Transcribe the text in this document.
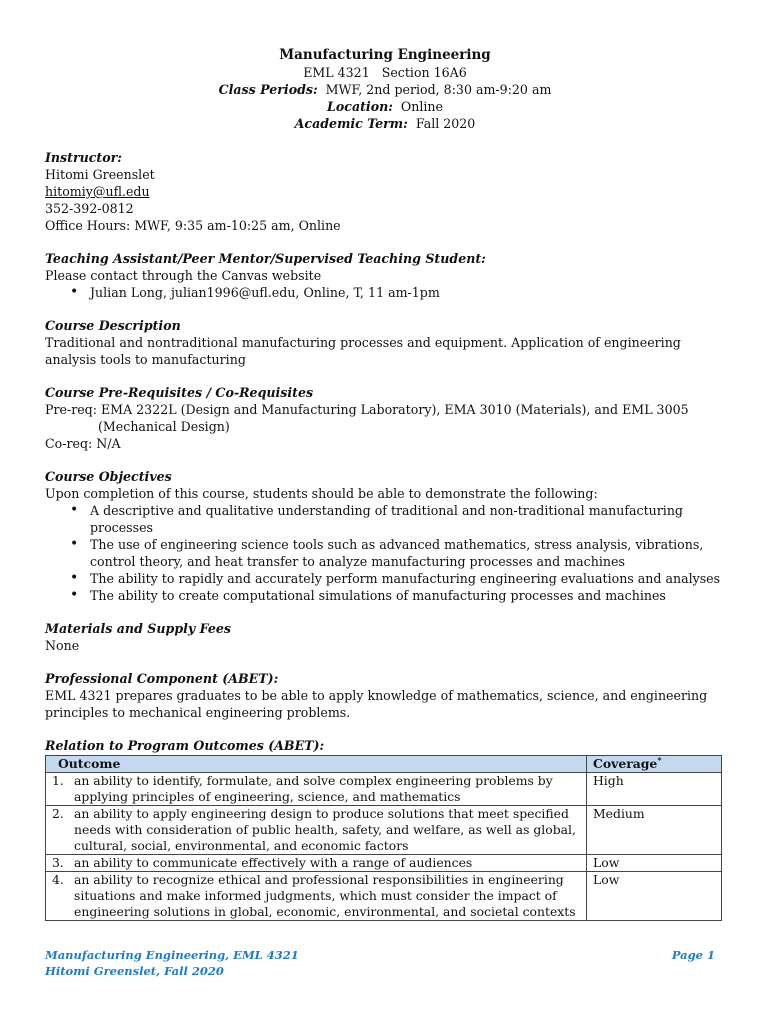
Manufacturing Engineering
EML 4321   Section 16A6
Class Periods: MWF, 2nd period, 8:30 am-9:20 am
Location: Online
Academic Term: Fall 2020
Instructor:
Hitomi Greenslet
hitomiy@ufl.edu
352-392-0812
Office Hours: MWF, 9:35 am-10:25 am, Online
Teaching Assistant/Peer Mentor/Supervised Teaching Student:
Please contact through the Canvas website
• Julian Long, julian1996@ufl.edu, Online, T, 11 am-1pm
Course Description
Traditional and nontraditional manufacturing processes and equipment. Application of engineering analysis tools to manufacturing
Course Pre-Requisites / Co-Requisites
Pre-req: EMA 2322L (Design and Manufacturing Laboratory), EMA 3010 (Materials), and EML 3005 (Mechanical Design)
Co-req: N/A
Course Objectives
Upon completion of this course, students should be able to demonstrate the following:
• A descriptive and qualitative understanding of traditional and non-traditional manufacturing processes
• The use of engineering science tools such as advanced mathematics, stress analysis, vibrations, control theory, and heat transfer to analyze manufacturing processes and machines
• The ability to rapidly and accurately perform manufacturing engineering evaluations and analyses
• The ability to create computational simulations of manufacturing processes and machines
Materials and Supply Fees
None
Professional Component (ABET):
EML 4321 prepares graduates to be able to apply knowledge of mathematics, science, and engineering principles to mechanical engineering problems.
Relation to Program Outcomes (ABET):
Outcome	Coverage*
1. an ability to identify, formulate, and solve complex engineering problems by applying principles of engineering, science, and mathematics	High
2. an ability to apply engineering design to produce solutions that meet specified needs with consideration of public health, safety, and welfare, as well as global, cultural, social, environmental, and economic factors	Medium
3. an ability to communicate effectively with a range of audiences	Low
4. an ability to recognize ethical and professional responsibilities in engineering situations and make informed judgments, which must consider the impact of engineering solutions in global, economic, environmental, and societal contexts	Low
Manufacturing Engineering, EML 4321
Hitomi Greenslet, Fall 2020
Page 1
